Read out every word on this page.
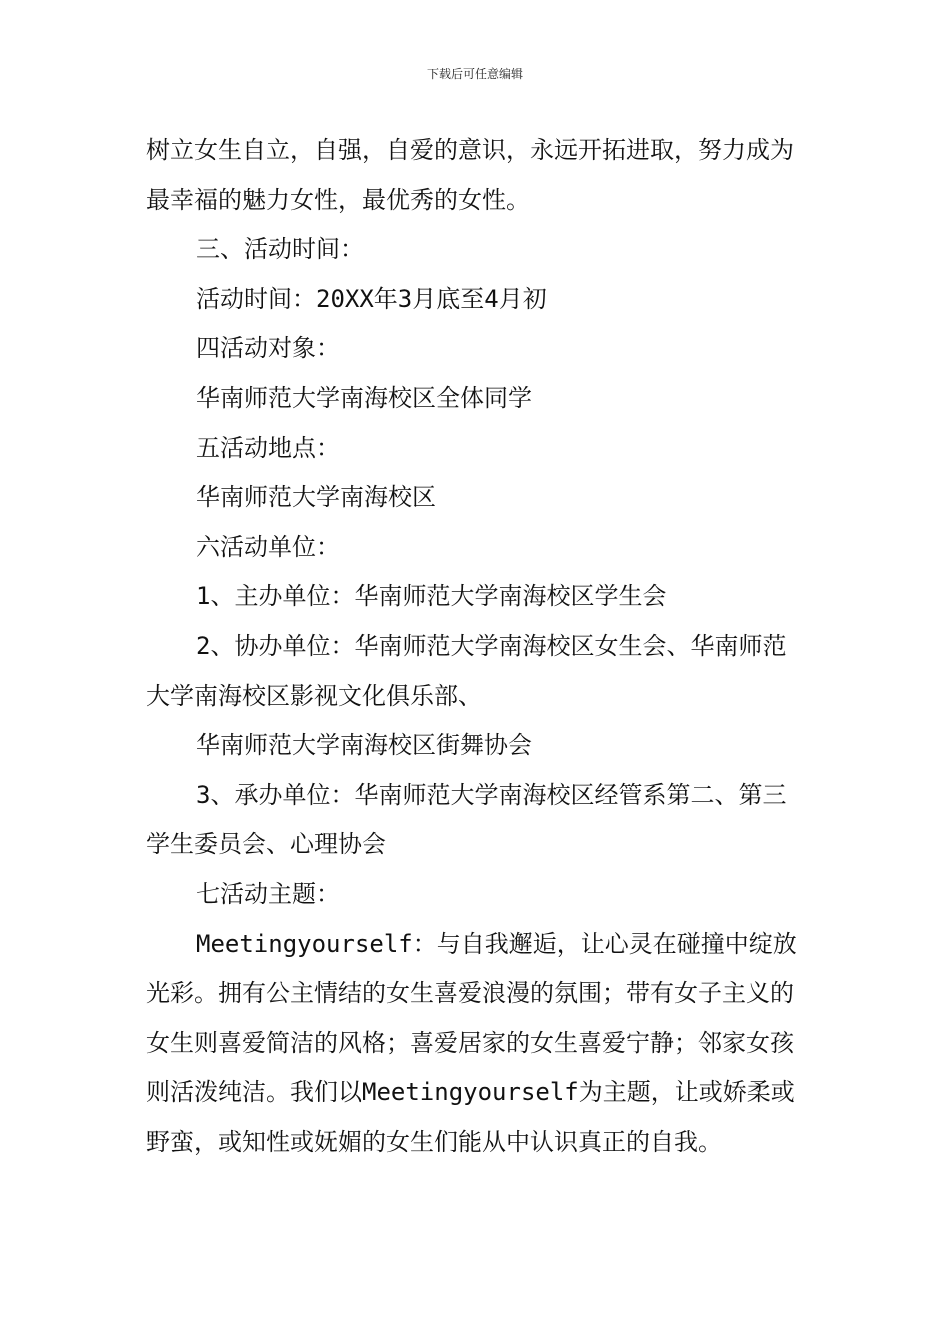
下载后可任意编辑

树立女生自立，自强，自爱的意识，永远开拓进取，努力成为最幸福的魅力女性，最优秀的女性。

三、活动时间：

活动时间：20XX年3月底至4月初

四活动对象：

华南师范大学南海校区全体同学

五活动地点：

华南师范大学南海校区

六活动单位：

1、主办单位：华南师范大学南海校区学生会

2、协办单位：华南师范大学南海校区女生会、华南师范大学南海校区影视文化俱乐部、

华南师范大学南海校区街舞协会

3、承办单位：华南师范大学南海校区经管系第二、第三学生委员会、心理协会

七活动主题：

Meetingyourself：与自我邂逅，让心灵在碰撞中绽放光彩。拥有公主情结的女生喜爱浪漫的氛围；带有女子主义的女生则喜爱简洁的风格；喜爱居家的女生喜爱宁静；邻家女孩则活泼纯洁。我们以Meetingyourself为主题，让或娇柔或野蛮，或知性或妩媚的女生们能从中认识真正的自我。
